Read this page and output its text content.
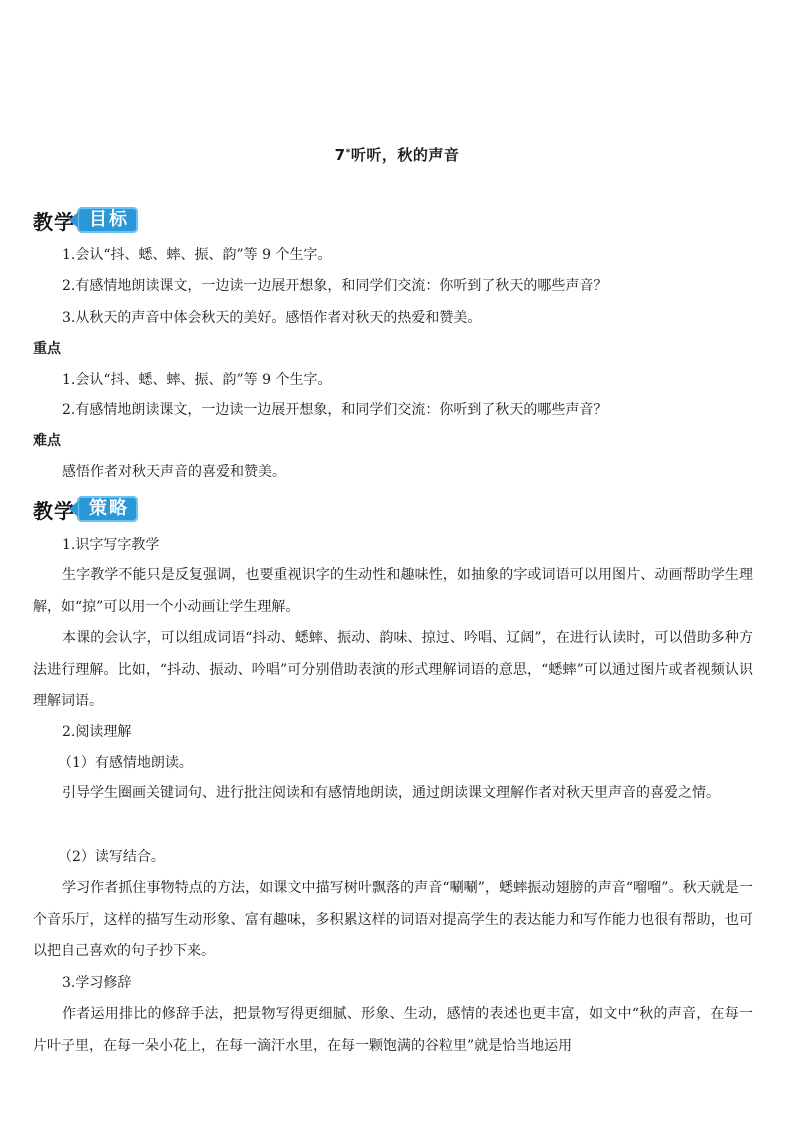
7*听听，秋的声音
教学 目标
1.会认“抖、蟋、蟀、振、韵”等 9 个生字。
2.有感情地朗读课文，一边读一边展开想象，和同学们交流：你听到了秋天的哪些声音？
3.从秋天的声音中体会秋天的美好。感悟作者对秋天的热爱和赞美。
重点
1.会认“抖、蟋、蟀、振、韵”等 9 个生字。
2.有感情地朗读课文，一边读一边展开想象，和同学们交流：你听到了秋天的哪些声音？
难点
感悟作者对秋天声音的喜爱和赞美。
教学 策略
1.识字写字教学

生字教学不能只是反复强调，也要重视识字的生动性和趣味性，如抽象的字或词语可以用图片、动画帮助学生理解，如“掠”可以用一个小动画让学生理解。

本课的会认字，可以组成词语“抖动、蟋蟀、振动、韵味、掠过、吟唱、辽阔”，在进行认读时，可以借助多种方法进行理解。比如，“抖动、振动、吟唱”可分别借助表演的形式理解词语的意思，“蟋蟀”可以通过图片或者视频认识理解词语。

2.阅读理解
（1）有感情地朗读。

引导学生圈画关键词句、进行批注阅读和有感情地朗读，通过朗读课文理解作者对秋天里声音的喜爱之情。

（2）读写结合。

学习作者抓住事物特点的方法，如课文中描写树叶飘落的声音“唰唰”，蟋蟀振动翅膀的声音“𠺕𠺕”。秋天就是一个音乐厅，这样的描写生动形象、富有趣味，多积累这样的词语对提高学生的表达能力和写作能力也很有帮助，也可以把自己喜欢的句子抄下来。

3.学习修辞

作者运用排比的修辞手法，把景物写得更细腻、形象、生动，感情的表述也更丰富，如文中“秋的声音，在每一片叶子里，在每一朵小花上，在每一滴汗水里，在每一颗饱满的谷粒里”就是恰当地运用
